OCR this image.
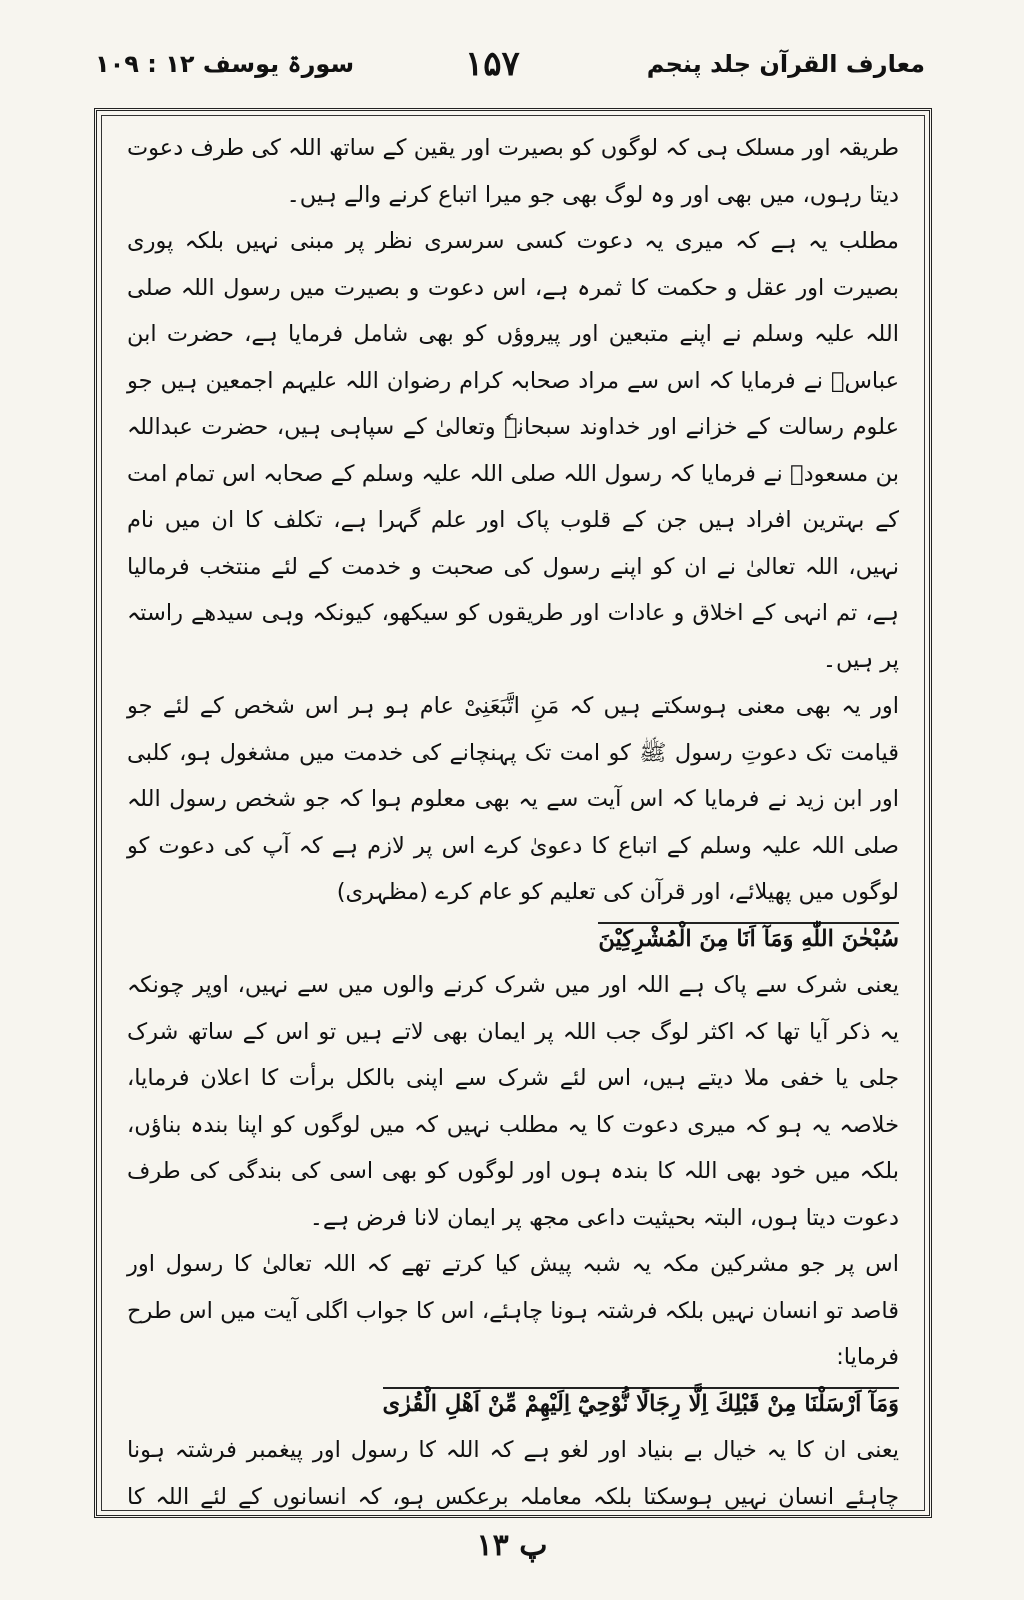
معارف القرآن جلد پنجم
۱۵۷
سورۃ یوسف ۱۲ : ۱۰۹

طریقہ اور مسلک ہی کہ لوگوں کو بصیرت اور یقین کے ساتھ اللہ کی طرف دعوت دیتا رہوں، میں بھی اور وہ لوگ بھی جو میرا اتباع کرنے والے ہیں۔

مطلب یہ ہے کہ میری یہ دعوت کسی سرسری نظر پر مبنی نہیں بلکہ پوری بصیرت اور عقل و حکمت کا ثمرہ ہے، اس دعوت و بصیرت میں رسول اللہ صلی اللہ علیہ وسلم نے اپنے متبعین اور پیروؤں کو بھی شامل فرمایا ہے، حضرت ابن عباسؓ نے فرمایا کہ اس سے مراد صحابہ کرام رضوان اللہ علیہم اجمعین ہیں جو علوم رسالت کے خزانے اور خداوند سبحانہٗ وتعالیٰ کے سپاہی ہیں، حضرت عبداللہ بن مسعودؓ نے فرمایا کہ رسول اللہ صلی اللہ علیہ وسلم کے صحابہ اس تمام امت کے بہترین افراد ہیں جن کے قلوب پاک اور علم گہرا ہے، تکلف کا ان میں نام نہیں، اللہ تعالیٰ نے ان کو اپنے رسول کی صحبت و خدمت کے لئے منتخب فرمالیا ہے، تم انہی کے اخلاق و عادات اور طریقوں کو سیکھو، کیونکہ وہی سیدھے راستہ پر ہیں۔

اور یہ بھی معنی ہوسکتے ہیں کہ مَنِ اتَّبَعَنِیْ عام ہو ہر اس شخص کے لئے جو قیامت تک دعوتِ رسول ﷺ کو امت تک پہنچانے کی خدمت میں مشغول ہو، کلبی اور ابن زید نے فرمایا کہ اس آیت سے یہ بھی معلوم ہوا کہ جو شخص رسول اللہ صلی اللہ علیہ وسلم کے اتباع کا دعویٰ کرے اس پر لازم ہے کہ آپ کی دعوت کو لوگوں میں پھیلائے، اور قرآن کی تعلیم کو عام کرے (مظہری)

سُبْحٰنَ اللّٰهِ وَمَآ اَنَا مِنَ الْمُشْرِكِيْنَ

یعنی شرک سے پاک ہے اللہ اور میں شرک کرنے والوں میں سے نہیں، اوپر چونکہ یہ ذکر آیا تھا کہ اکثر لوگ جب اللہ پر ایمان بھی لاتے ہیں تو اس کے ساتھ شرک جلی یا خفی ملا دیتے ہیں، اس لئے شرک سے اپنی بالکل برأت کا اعلان فرمایا، خلاصہ یہ ہو کہ میری دعوت کا یہ مطلب نہیں کہ میں لوگوں کو اپنا بندہ بناؤں، بلکہ میں خود بھی اللہ کا بندہ ہوں اور لوگوں کو بھی اسی کی بندگی کی طرف دعوت دیتا ہوں، البتہ بحیثیت داعی مجھ پر ایمان لانا فرض ہے۔

اس پر جو مشرکین مکہ یہ شبہ پیش کیا کرتے تھے کہ اللہ تعالیٰ کا رسول اور قاصد تو انسان نہیں بلکہ فرشتہ ہونا چاہئے، اس کا جواب اگلی آیت میں اس طرح فرمایا:

وَمَآ اَرْسَلْنَا مِنْ قَبْلِكَ اِلَّا رِجَالًا نُّوْحِيْٓ اِلَيْهِمْ مِّنْ اَهْلِ الْقُرٰى

یعنی ان کا یہ خیال بے بنیاد اور لغو ہے کہ اللہ کا رسول اور پیغمبر فرشتہ ہونا چاہئے انسان نہیں ہوسکتا بلکہ معاملہ برعکس ہو، کہ انسانوں کے لئے اللہ کا

پ ۱۳
